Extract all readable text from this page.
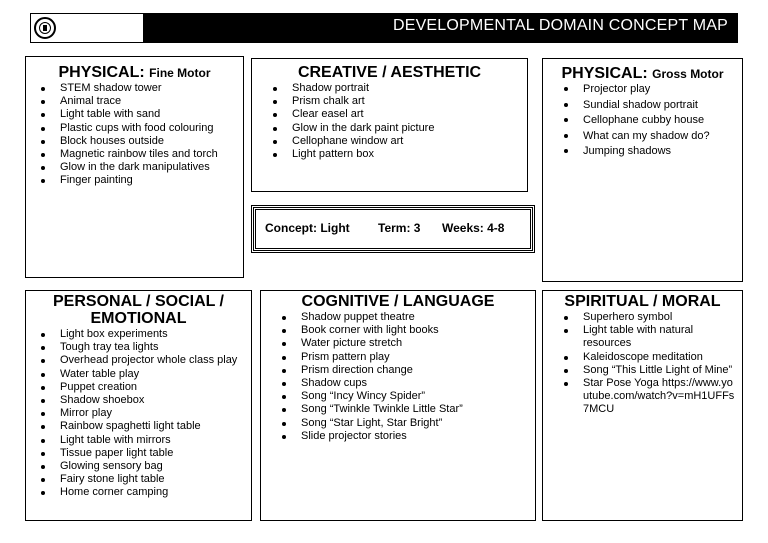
THE UNIVERSITY OF
NOTRE DAME
AUSTRALIA
DEVELOPMENTAL DOMAIN CONCEPT MAP
PHYSICAL: Fine Motor
STEM shadow tower
Animal trace
Light table with sand
Plastic cups with food colouring
Block houses outside
Magnetic rainbow tiles and torch
Glow in the dark manipulatives
Finger painting
CREATIVE / AESTHETIC
Shadow portrait
Prism chalk art
Clear easel art
Glow in the dark paint picture
Cellophane window art
Light pattern box
Concept: Light Term: 3 Weeks: 4-8
PHYSICAL: Gross Motor
Projector play
Sundial shadow portrait
Cellophane cubby house
What can my shadow do?
Jumping shadows
PERSONAL / SOCIAL /
EMOTIONAL
Light box experiments
Tough tray tea lights
Overhead projector whole class play
Water table play
Puppet creation
Shadow shoebox
Mirror play
Rainbow spaghetti light table
Light table with mirrors
Tissue paper light table
Glowing sensory bag
Fairy stone light table
Home corner camping
COGNITIVE / LANGUAGE
Shadow puppet theatre
Book corner with light books
Water picture stretch
Prism pattern play
Prism direction change
Shadow cups
Song “Incy Wincy Spider”
Song “Twinkle Twinkle Little Star”
Song “Star Light, Star Bright”
Slide projector stories
SPIRITUAL / MORAL
Superhero symbol
Light table with natural resources
Kaleidoscope meditation
Song “This Little Light of Mine”
Star Pose Yoga https://www.youtube.com/watch?v=mH1UFFs7MCU
